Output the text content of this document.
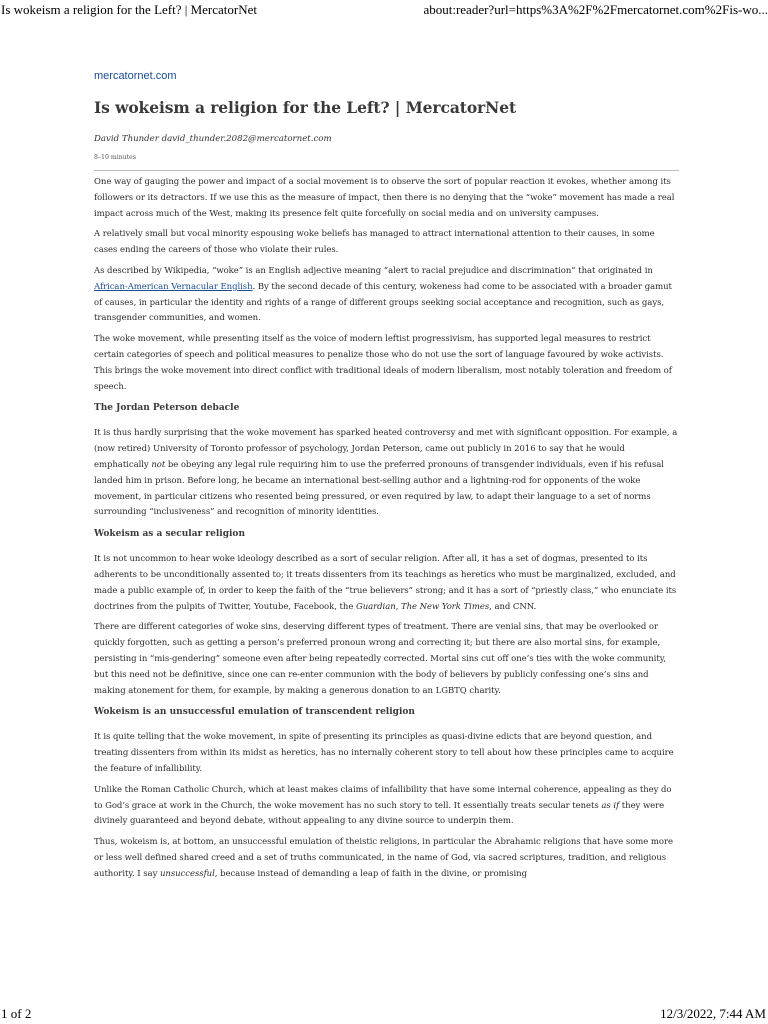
Is wokeism a religion for the Left? | MercatorNet	about:reader?url=https%3A%2F%2Fmercatornet.com%2Fis-wo...
mercatornet.com
Is wokeism a religion for the Left? | MercatorNet
David Thunder david_thunder.2082@mercatornet.com
8–10 minutes

One way of gauging the power and impact of a social movement is to observe the sort of popular reaction it evokes, whether among its followers or its detractors. If we use this as the measure of impact, then there is no denying that the “woke” movement has made a real impact across much of the West, making its presence felt quite forcefully on social media and on university campuses.

A relatively small but vocal minority espousing woke beliefs has managed to attract international attention to their causes, in some cases ending the careers of those who violate their rules.

As described by Wikipedia, “woke” is an English adjective meaning “alert to racial prejudice and discrimination” that originated in African-American Vernacular English. By the second decade of this century, wokeness had come to be associated with a broader gamut of causes, in particular the identity and rights of a range of different groups seeking social acceptance and recognition, such as gays, transgender communities, and women.

The woke movement, while presenting itself as the voice of modern leftist progressivism, has supported legal measures to restrict certain categories of speech and political measures to penalize those who do not use the sort of language favoured by woke activists. This brings the woke movement into direct conflict with traditional ideals of modern liberalism, most notably toleration and freedom of speech.

The Jordan Peterson debacle

It is thus hardly surprising that the woke movement has sparked heated controversy and met with significant opposition. For example, a (now retired) University of Toronto professor of psychology, Jordan Peterson, came out publicly in 2016 to say that he would emphatically not be obeying any legal rule requiring him to use the preferred pronouns of transgender individuals, even if his refusal landed him in prison. Before long, he became an international best-selling author and a lightning-rod for opponents of the woke movement, in particular citizens who resented being pressured, or even required by law, to adapt their language to a set of norms surrounding “inclusiveness” and recognition of minority identities.

Wokeism as a secular religion

It is not uncommon to hear woke ideology described as a sort of secular religion. After all, it has a set of dogmas, presented to its adherents to be unconditionally assented to; it treats dissenters from its teachings as heretics who must be marginalized, excluded, and made a public example of, in order to keep the faith of the “true believers” strong; and it has a sort of “priestly class,” who enunciate its doctrines from the pulpits of Twitter, Youtube, Facebook, the Guardian, The New York Times, and CNN.

There are different categories of woke sins, deserving different types of treatment. There are venial sins, that may be overlooked or quickly forgotten, such as getting a person’s preferred pronoun wrong and correcting it; but there are also mortal sins, for example, persisting in “mis-gendering” someone even after being repeatedly corrected. Mortal sins cut off one’s ties with the woke community, but this need not be definitive, since one can re-enter communion with the body of believers by publicly confessing one’s sins and making atonement for them, for example, by making a generous donation to an LGBTQ charity.

Wokeism is an unsuccessful emulation of transcendent religion

It is quite telling that the woke movement, in spite of presenting its principles as quasi-divine edicts that are beyond question, and treating dissenters from within its midst as heretics, has no internally coherent story to tell about how these principles came to acquire the feature of infallibility.

Unlike the Roman Catholic Church, which at least makes claims of infallibility that have some internal coherence, appealing as they do to God’s grace at work in the Church, the woke movement has no such story to tell. It essentially treats secular tenets as if they were divinely guaranteed and beyond debate, without appealing to any divine source to underpin them.

Thus, wokeism is, at bottom, an unsuccessful emulation of theistic religions, in particular the Abrahamic religions that have some more or less well defined shared creed and a set of truths communicated, in the name of God, via sacred scriptures, tradition, and religious authority. I say unsuccessful, because instead of demanding a leap of faith in the divine, or promising

1 of 2	12/3/2022, 7:44 AM
